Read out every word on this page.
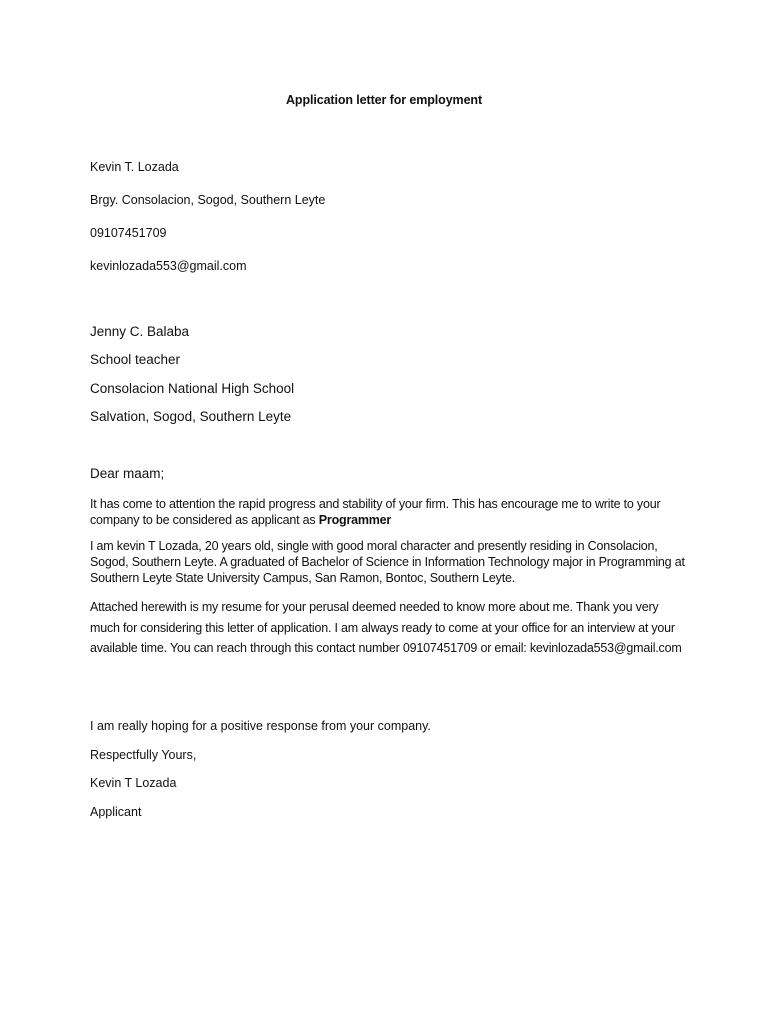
Application letter for employment
Kevin T. Lozada
Brgy. Consolacion, Sogod, Southern Leyte
09107451709
kevinlozada553@gmail.com
Jenny C. Balaba
School teacher
Consolacion National High School
Salvation, Sogod, Southern Leyte
Dear maam;
It has come to attention the rapid progress and stability of your firm. This has encourage me to write to your company to be considered as applicant as Programmer
I am kevin T Lozada, 20 years old, single with good moral character and presently residing in Consolacion, Sogod, Southern Leyte. A graduated of Bachelor of Science in Information Technology major in Programming at Southern Leyte State University Campus, San Ramon, Bontoc, Southern Leyte.
Attached herewith is my resume for your perusal deemed needed to know more about me. Thank you very much for considering this letter of application. I am always ready to come at your office for an interview at your available time. You can reach through this contact number 09107451709 or email: kevinlozada553@gmail.com
I am really hoping for a positive response from your company.
Respectfully Yours,
Kevin T Lozada
Applicant
